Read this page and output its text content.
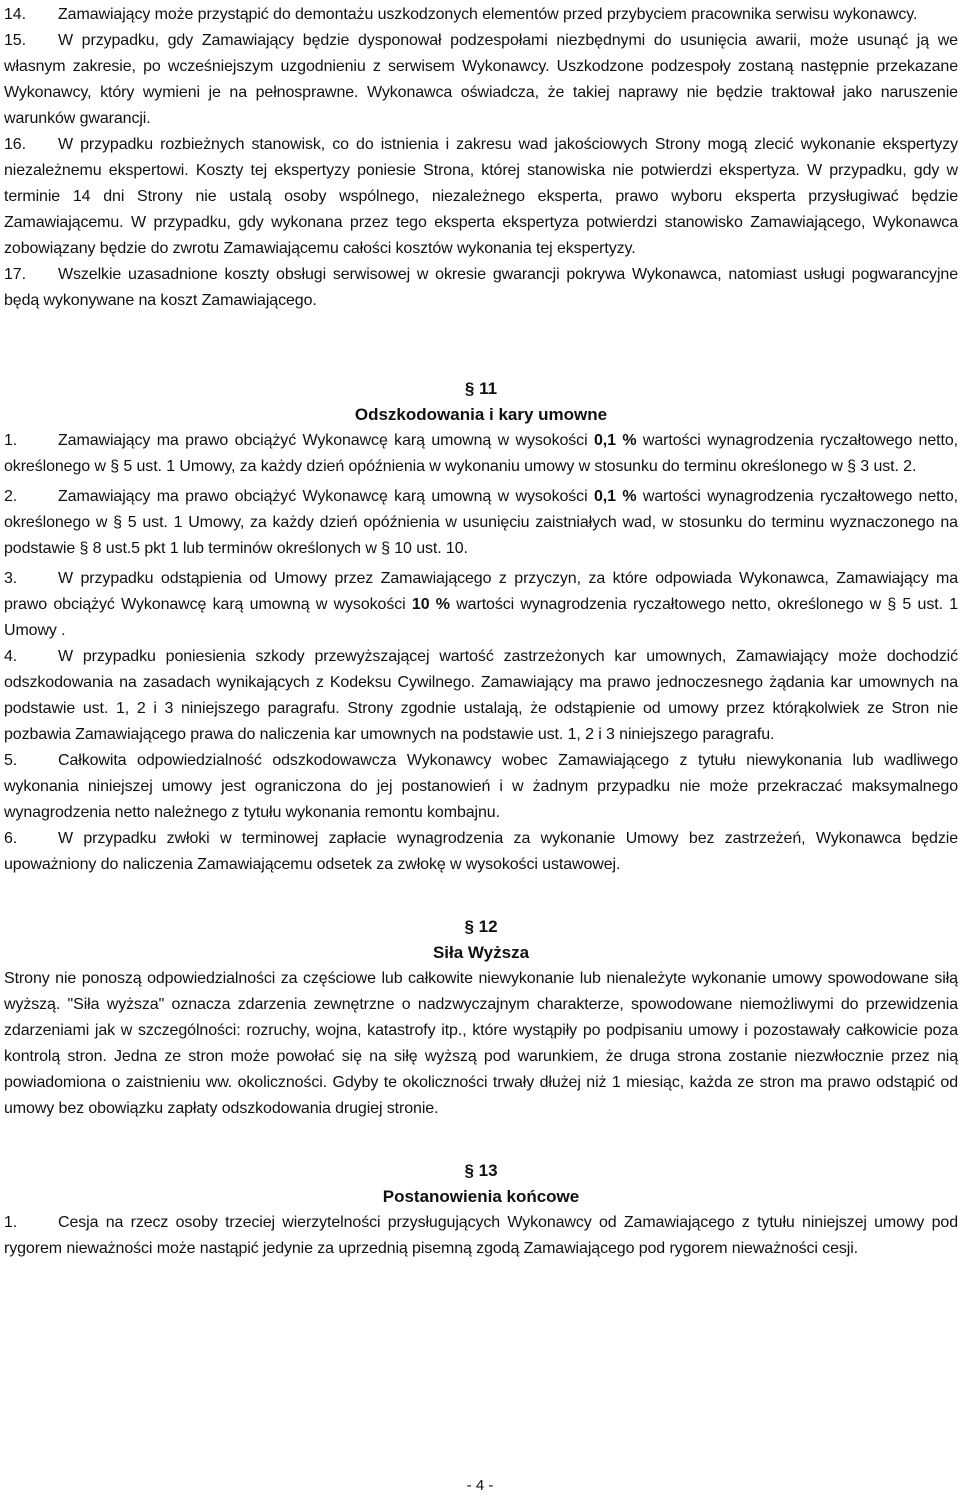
14. Zamawiający może przystąpić do demontażu uszkodzonych elementów przed przybyciem pracownika serwisu wykonawcy.

15. W przypadku, gdy Zamawiający będzie dysponował podzespołami niezbędnymi do usunięcia awarii, może usunąć ją we własnym zakresie, po wcześniejszym uzgodnieniu z serwisem Wykonawcy. Uszkodzone podzespoły zostaną następnie przekazane Wykonawcy, który wymieni je na pełnosprawne. Wykonawca oświadcza, że takiej naprawy nie będzie traktował jako naruszenie warunków gwarancji.

16. W przypadku rozbieżnych stanowisk, co do istnienia i zakresu wad jakościowych Strony mogą zlecić wykonanie ekspertyzy niezależnemu ekspertowi. Koszty tej ekspertyzy poniesie Strona, której stanowiska nie potwierdzi ekspertyza. W przypadku, gdy w terminie 14 dni Strony nie ustalą osoby wspólnego, niezależnego eksperta, prawo wyboru eksperta przysługiwać będzie Zamawiającemu. W przypadku, gdy wykonana przez tego eksperta ekspertyza potwierdzi stanowisko Zamawiającego, Wykonawca zobowiązany będzie do zwrotu Zamawiającemu całości kosztów wykonania tej ekspertyzy.

17. Wszelkie uzasadnione koszty obsługi serwisowej w okresie gwarancji pokrywa Wykonawca, natomiast usługi pogwarancyjne będą wykonywane na koszt Zamawiającego.

§ 11

Odszkodowania i kary umowne

1.	Zamawiający ma prawo obciążyć Wykonawcę karą umowną w wysokości 0,1 % wartości wynagrodzenia ryczałtowego netto, określonego w § 5 ust. 1 Umowy, za każdy dzień opóźnienia w wykonaniu umowy w stosunku do terminu określonego w § 3 ust. 2.

2.	Zamawiający ma prawo obciążyć Wykonawcę karą umowną w wysokości 0,1 % wartości wynagrodzenia ryczałtowego netto, określonego w § 5 ust. 1 Umowy, za każdy dzień opóźnienia w usunięciu zaistniałych wad, w stosunku do terminu wyznaczonego na podstawie § 8 ust.5 pkt 1 lub terminów określonych w § 10 ust. 10.

3.	W przypadku odstąpienia od Umowy przez Zamawiającego z przyczyn, za które odpowiada Wykonawca, Zamawiający ma prawo obciążyć Wykonawcę karą umowną w wysokości 10 % wartości wynagrodzenia ryczałtowego netto, określonego w § 5 ust. 1 Umowy .

4.	W przypadku poniesienia szkody przewyższającej wartość zastrzeżonych kar umownych, Zamawiający może dochodzić odszkodowania na zasadach wynikających z Kodeksu Cywilnego. Zamawiający ma prawo jednoczesnego żądania kar umownych na podstawie ust. 1, 2 i 3 niniejszego paragrafu. Strony zgodnie ustalają, że odstąpienie od umowy przez którąkolwiek ze Stron nie pozbawia Zamawiającego prawa do naliczenia kar umownych na podstawie ust. 1, 2 i 3 niniejszego paragrafu.

5.	Całkowita odpowiedzialność odszkodowawcza Wykonawcy wobec Zamawiającego z tytułu niewykonania lub wadliwego wykonania niniejszej umowy jest ograniczona do jej postanowień i w żadnym przypadku nie może przekraczać maksymalnego wynagrodzenia netto należnego z tytułu wykonania remontu kombajnu.

6.	W przypadku zwłoki w terminowej zapłacie wynagrodzenia za wykonanie Umowy bez zastrzeżeń, Wykonawca będzie upoważniony do naliczenia Zamawiającemu odsetek za zwłokę w wysokości ustawowej.

§ 12

Siła Wyższa

Strony nie ponoszą odpowiedzialności za częściowe lub całkowite niewykonanie lub nienależyte wykonanie umowy spowodowane siłą wyższą. "Siła wyższa" oznacza zdarzenia zewnętrzne o nadzwyczajnym charakterze, spowodowane niemożliwymi do przewidzenia zdarzeniami jak w szczególności: rozruchy, wojna, katastrofy itp., które wystąpiły po podpisaniu umowy i pozostawały całkowicie poza kontrolą stron. Jedna ze stron może powołać się na siłę wyższą pod warunkiem, że druga strona zostanie niezwłocznie przez nią powiadomiona o zaistnieniu ww. okoliczności. Gdyby te okoliczności trwały dłużej niż 1 miesiąc, każda ze stron ma prawo odstąpić od umowy bez obowiązku zapłaty odszkodowania drugiej stronie.

§ 13

Postanowienia końcowe

1.	Cesja na rzecz osoby trzeciej wierzytelności przysługujących Wykonawcy od Zamawiającego z tytułu niniejszej umowy pod rygorem nieważności może nastąpić jedynie za uprzednią pisemną zgodą Zamawiającego pod rygorem nieważności cesji.

- 4 -
